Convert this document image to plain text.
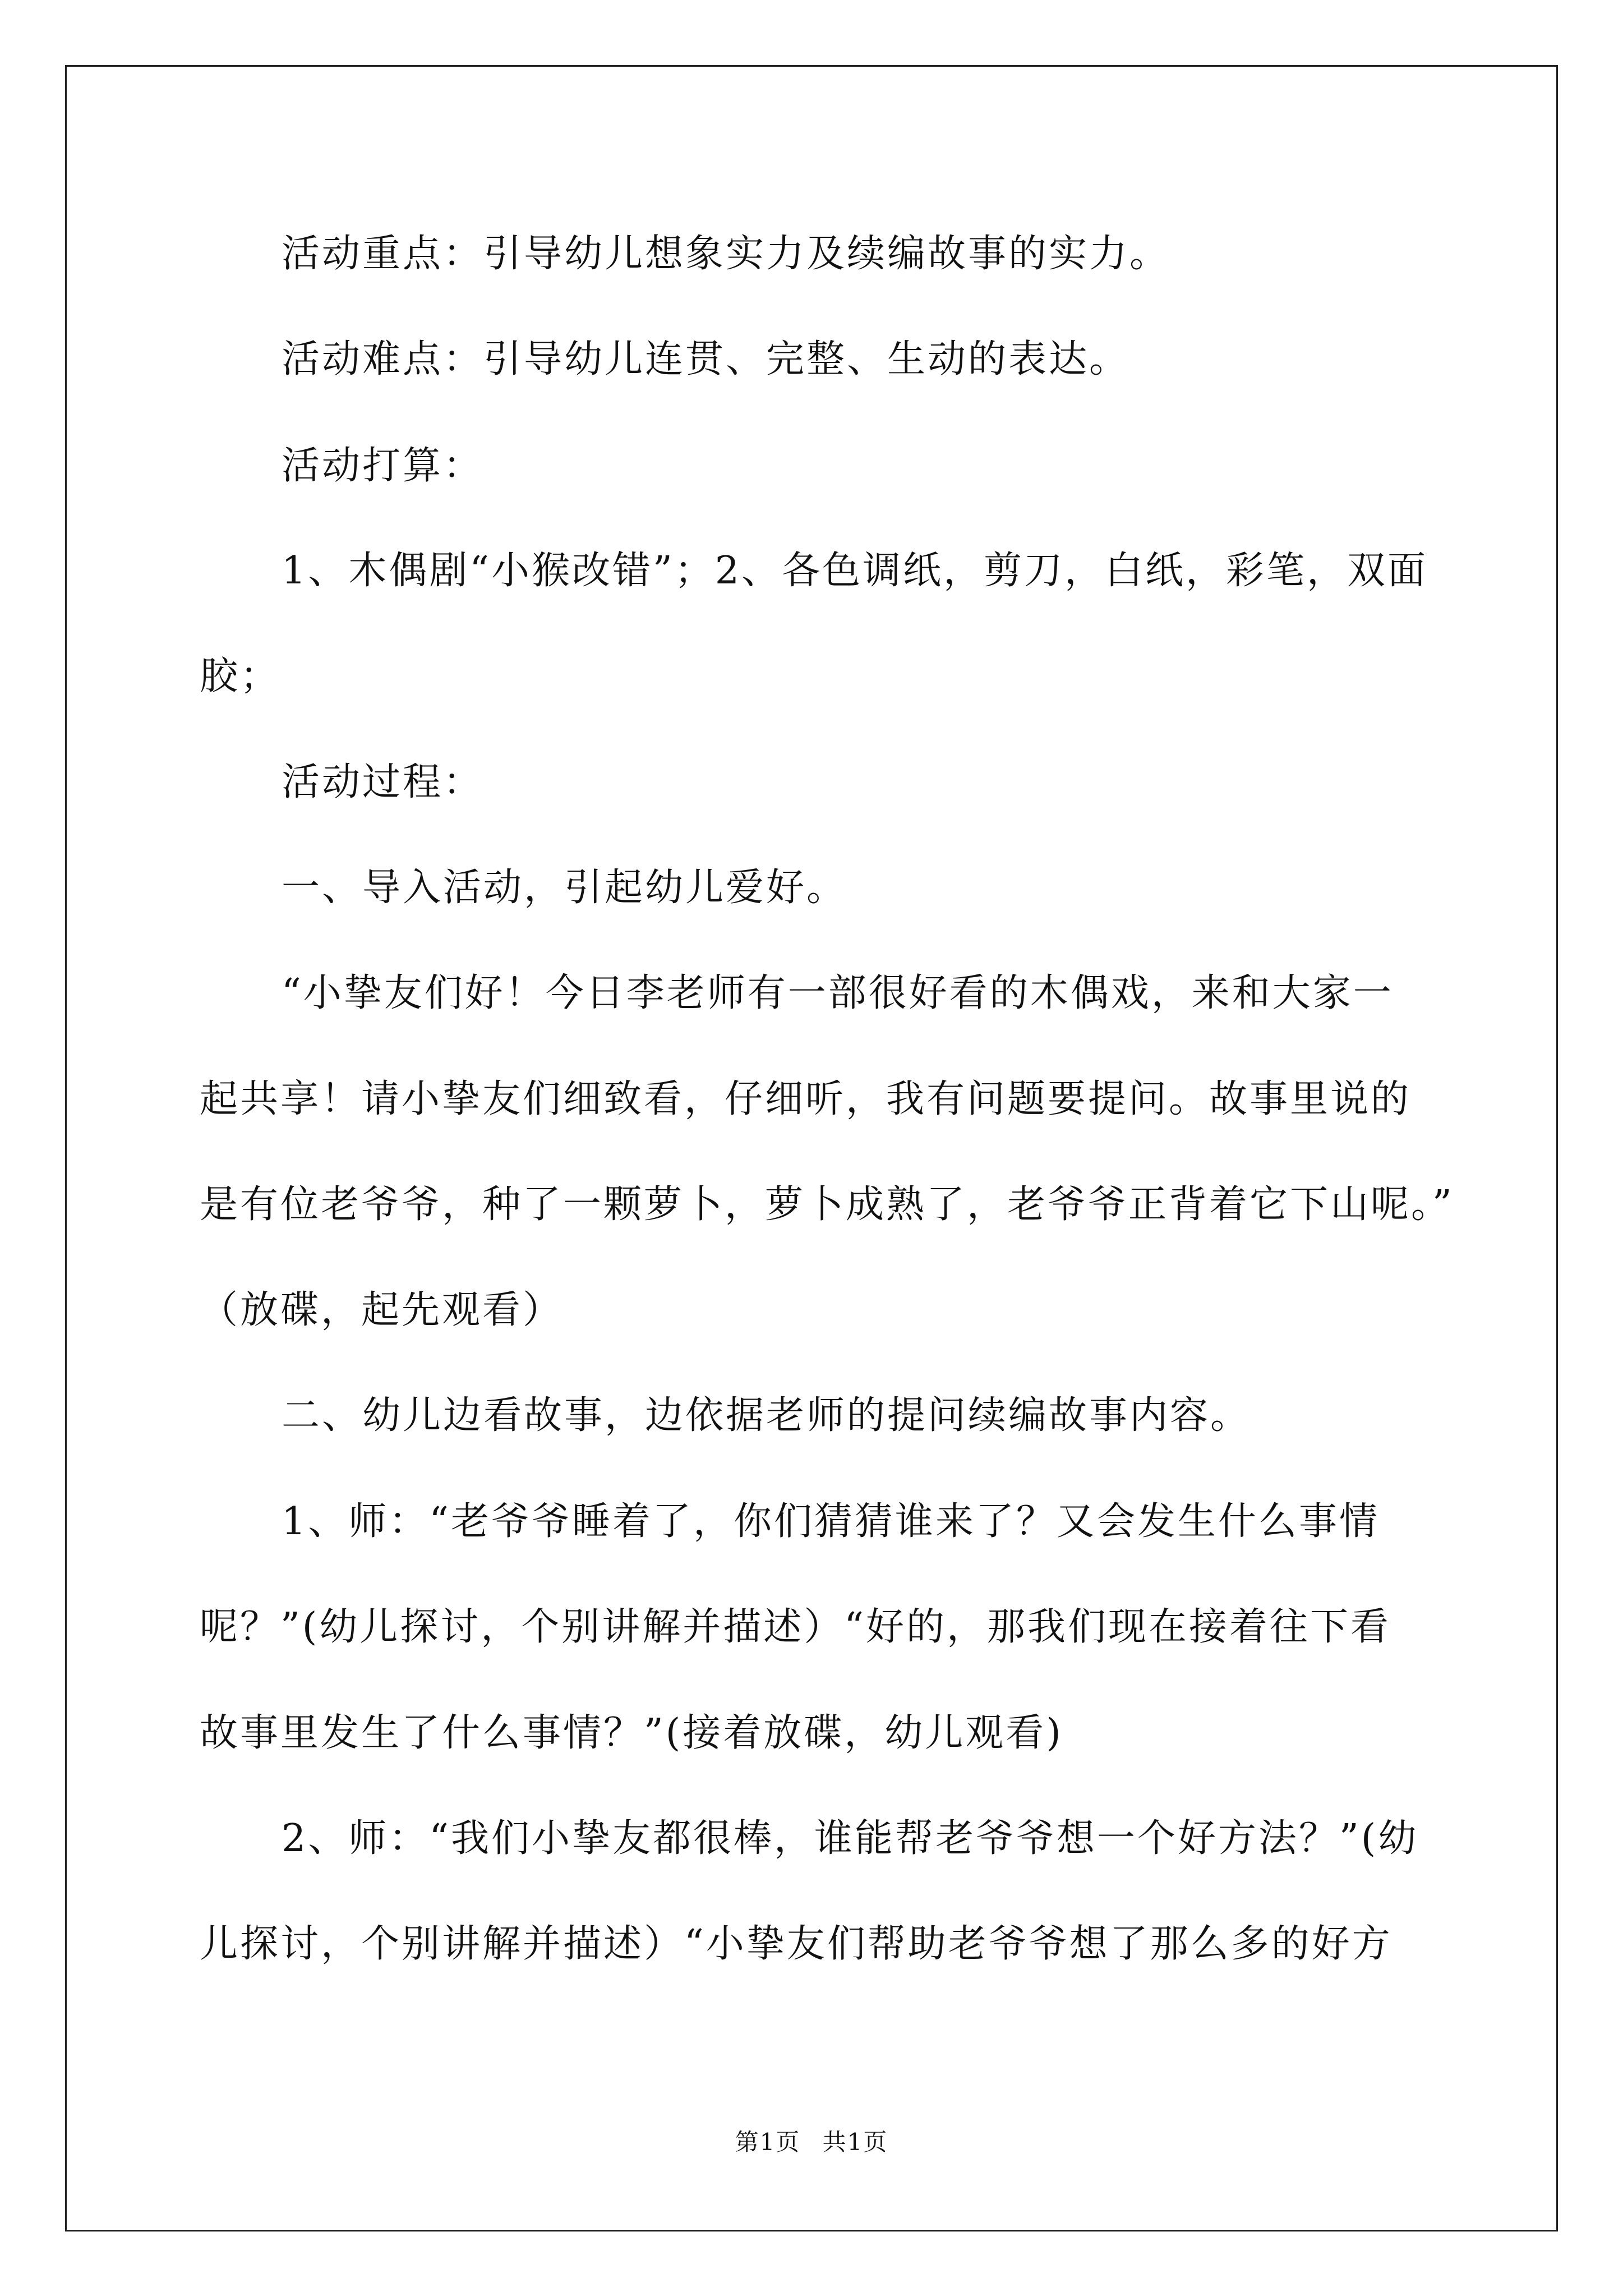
活动重点：引导幼儿想象实力及续编故事的实力。
活动难点：引导幼儿连贯、完整、生动的表达。
活动打算：
1、木偶剧“小猴改错”；2、各色调纸，剪刀，白纸，彩笔，双面
胶；
活动过程：
一、导入活动，引起幼儿爱好。
“小挚友们好！今日李老师有一部很好看的木偶戏，来和大家一
起共享！请小挚友们细致看，仔细听，我有问题要提问。故事里说的
是有位老爷爷，种了一颗萝卜，萝卜成熟了，老爷爷正背着它下山呢。”
（放碟，起先观看）
二、幼儿边看故事，边依据老师的提问续编故事内容。
1、师：“老爷爷睡着了，你们猜猜谁来了？又会发生什么事情
呢？”(幼儿探讨，个别讲解并描述）“好的，那我们现在接着往下看
故事里发生了什么事情？”(接着放碟，幼儿观看)
2、师：“我们小挚友都很棒，谁能帮老爷爷想一个好方法？”(幼
儿探讨，个别讲解并描述）“小挚友们帮助老爷爷想了那么多的好方
第1页 共1页
